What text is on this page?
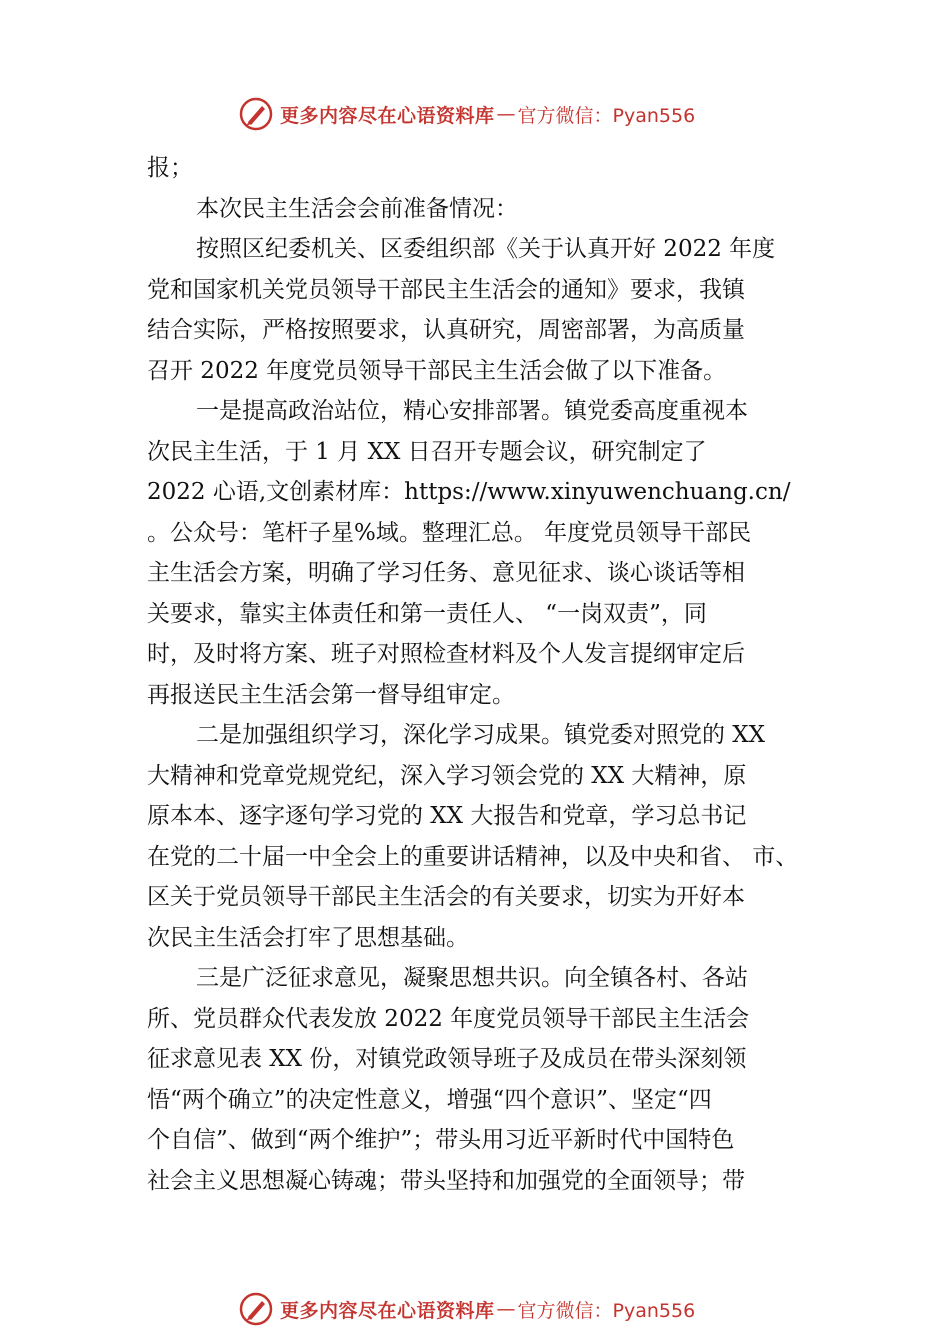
更多内容尽在心语资料库 — 官方微信：Pyan556
报；
本次民主生活会会前准备情况：
按照区纪委机关、区委组织部《关于认真开好 2022 年度
党和国家机关党员领导干部民主生活会的通知》要求，我镇
结合实际，严格按照要求，认真研究，周密部署，为高质量
召开 2022 年度党员领导干部民主生活会做了以下准备。
一是提高政治站位，精心安排部署。镇党委高度重视本
次民主生活，于 1 月 XX 日召开专题会议，研究制定了
2022 心语,文创素材库：https://www.xinyuwenchuang.cn/
。公众号：笔杆子星%域。整理汇总。 年度党员领导干部民
主生活会方案，明确了学习任务、意见征求、谈心谈话等相
关要求，靠实主体责任和第一责任人、 “一岗双责”，同
时，及时将方案、班子对照检查材料及个人发言提纲审定后
再报送民主生活会第一督导组审定。
二是加强组织学习，深化学习成果。镇党委对照党的 XX
大精神和党章党规党纪，深入学习领会党的 XX 大精神，原
原本本、逐字逐句学习党的 XX 大报告和党章，学习总书记
在党的二十届一中全会上的重要讲话精神，以及中央和省、 市、
区关于党员领导干部民主生活会的有关要求，切实为开好本
次民主生活会打牢了思想基础。
三是广泛征求意见，凝聚思想共识。向全镇各村、各站
所、党员群众代表发放 2022 年度党员领导干部民主生活会
征求意见表 XX 份，对镇党政领导班子及成员在带头深刻领
悟“两个确立”的决定性意义，增强“四个意识”、坚定“四
个自信”、做到“两个维护”；带头用习近平新时代中国特色
社会主义思想凝心铸魂；带头坚持和加强党的全面领导；带
更多内容尽在心语资料库 — 官方微信：Pyan556
